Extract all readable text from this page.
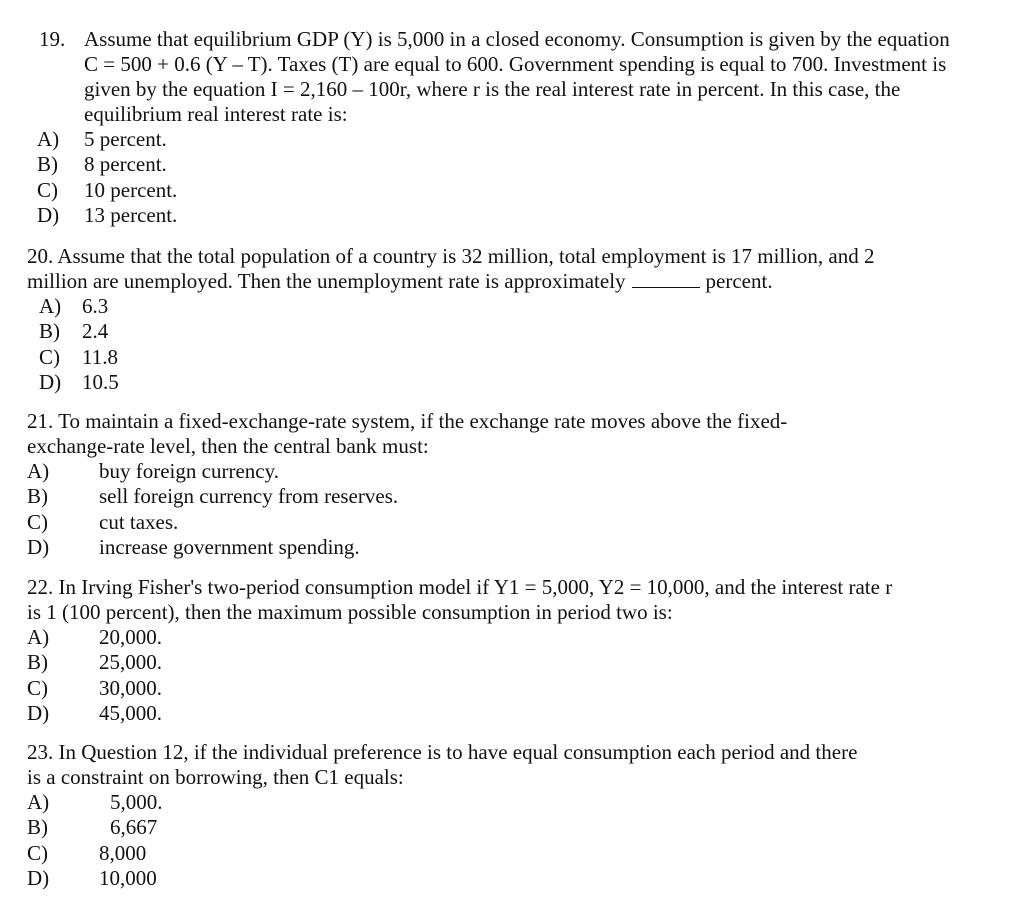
19. Assume that equilibrium GDP (Y) is 5,000 in a closed economy. Consumption is given by the equation C = 500 + 0.6 (Y – T). Taxes (T) are equal to 600. Government spending is equal to 700. Investment is given by the equation I = 2,160 – 100r, where r is the real interest rate in percent. In this case, the equilibrium real interest rate is:
A)	5 percent.
B)	8 percent.
C)	10 percent.
D)	13 percent.

20. Assume that the total population of a country is 32 million, total employment is 17 million, and 2 million are unemployed. Then the unemployment rate is approximately	percent.

A) 6.3
B)	2.4
C)	11.8
D) 10.5

21. To maintain a fixed-exchange-rate system, if the exchange rate moves above the fixed-exchange-rate level, then the central bank must:

A)	buy foreign currency.
B)	sell foreign currency from reserves.
C)	cut taxes.
D)	increase government spending.

22. In Irving Fisher's two-period consumption model if Y1 = 5,000, Y2 = 10,000, and the interest rate r is 1 (100 percent), then the maximum possible consumption in period two is:

A)	20,000.
B)	25,000.
C)	30,000.
D)	45,000.

23. In Question 12, if the individual preference is to have equal consumption each period and there is a constraint on borrowing, then C1 equals:

A)	5,000.
B)	6,667
C)	8,000
D)	10,000
